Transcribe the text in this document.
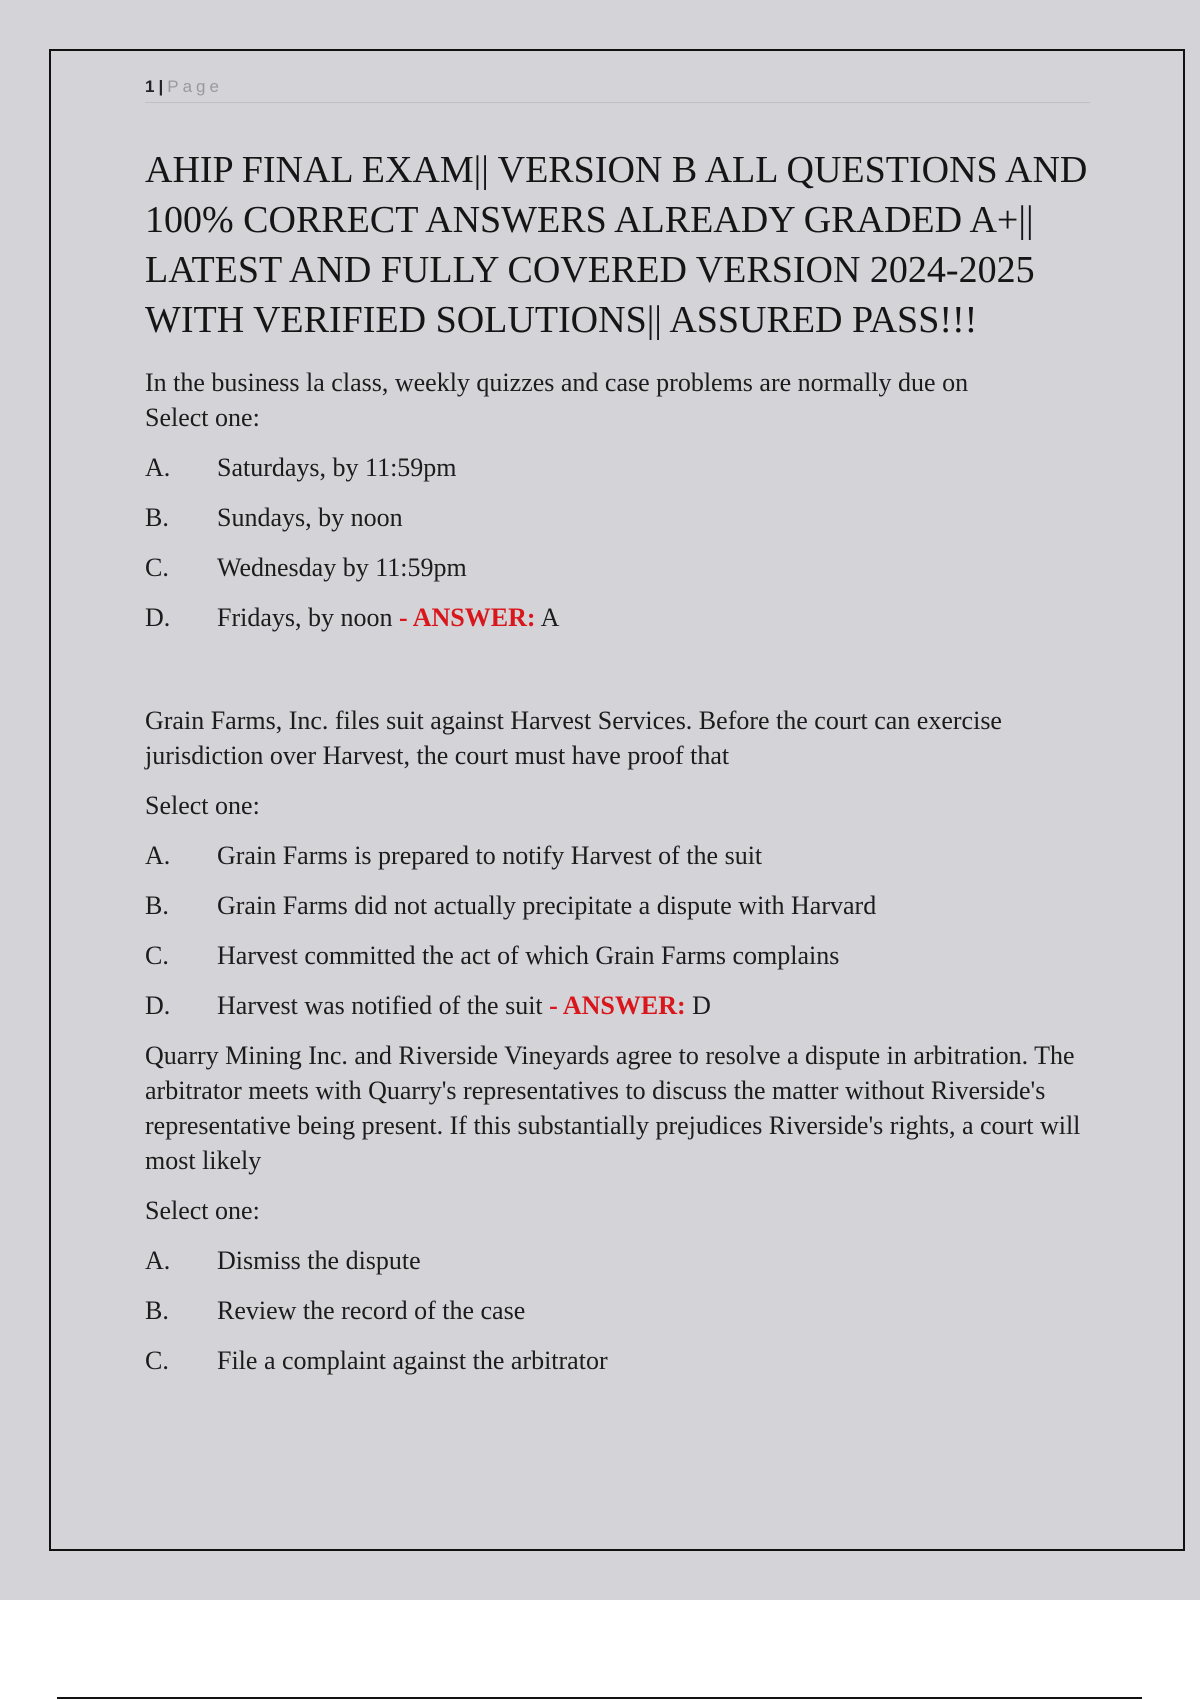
1 | Page
AHIP FINAL EXAM|| VERSION B ALL QUESTIONS AND 100% CORRECT ANSWERS ALREADY GRADED A+|| LATEST AND FULLY COVERED VERSION 2024-2025 WITH VERIFIED SOLUTIONS|| ASSURED PASS!!!

In the business la class, weekly quizzes and case problems are normally due on

Select one:

A.	Saturdays, by 11:59pm
B.	Sundays, by noon
C.	Wednesday by 11:59pm
D.	Fridays, by noon - ANSWER: A

Grain Farms, Inc. files suit against Harvest Services. Before the court can exercise jurisdiction over Harvest, the court must have proof that

Select one:

A.	Grain Farms is prepared to notify Harvest of the suit
B.	Grain Farms did not actually precipitate a dispute with Harvard
C.	Harvest committed the act of which Grain Farms complains
D.	Harvest was notified of the suit - ANSWER: D

Quarry Mining Inc. and Riverside Vineyards agree to resolve a dispute in arbitration. The arbitrator meets with Quarry's representatives to discuss the matter without Riverside's representative being present. If this substantially prejudices Riverside's rights, a court will most likely

Select one:

A.	Dismiss the dispute
B.	Review the record of the case
C.	File a complaint against the arbitrator
